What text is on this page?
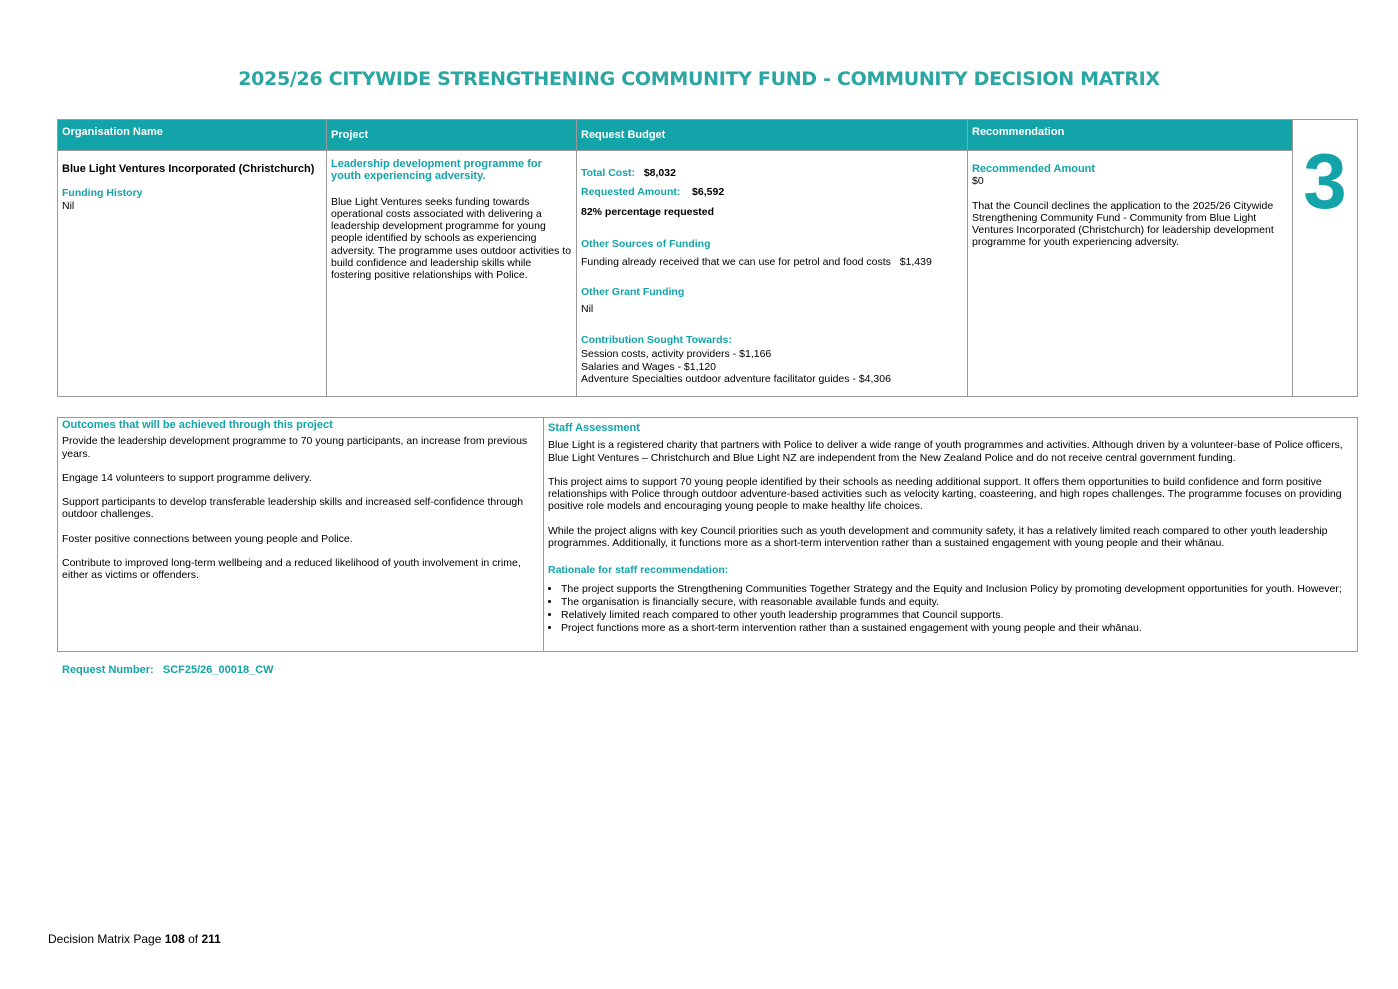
2025/26 CITYWIDE STRENGTHENING COMMUNITY FUND - COMMUNITY DECISION MATRIX
Organisation Name

Blue Light Ventures Incorporated (Christchurch)

Funding History

Nil

Project

Leadership development programme for youth experiencing adversity.

Blue Light Ventures seeks funding towards operational costs associated with delivering a leadership development programme for young people identified by schools as experiencing adversity. The programme uses outdoor activities to build confidence and leadership skills while fostering positive relationships with Police.

Request Budget

Total Cost: $8,032

Requested Amount: $6,592

82% percentage requested

Other Sources of Funding

Funding already received that we can use for petrol and food costs $1,439

Other Grant Funding

Nil

Contribution Sought Towards:

Session costs, activity providers - $1,166

Salaries and Wages - $1,120

Adventure Specialties outdoor adventure facilitator guides - $4,306

Recommendation

Recommended Amount

$0

That the Council declines the application to the 2025/26 Citywide Strengthening Community Fund - Community from Blue Light Ventures Incorporated (Christchurch) for leadership development programme for youth experiencing adversity.

3

Outcomes that will be achieved through this project

Provide the leadership development programme to 70 young participants, an increase from previous years.

Engage 14 volunteers to support programme delivery.

Support participants to develop transferable leadership skills and increased self-confidence through outdoor challenges.

Foster positive connections between young people and Police.

Contribute to improved long-term wellbeing and a reduced likelihood of youth involvement in crime, either as victims or offenders.

Staff Assessment

Blue Light is a registered charity that partners with Police to deliver a wide range of youth programmes and activities. Although driven by a volunteer-base of Police officers, Blue Light Ventures – Christchurch and Blue Light NZ are independent from the New Zealand Police and do not receive central government funding.

This project aims to support 70 young people identified by their schools as needing additional support. It offers them opportunities to build confidence and form positive relationships with Police through outdoor adventure-based activities such as velocity karting, coasteering, and high ropes challenges. The programme focuses on providing positive role models and encouraging young people to make healthy life choices.

While the project aligns with key Council priorities such as youth development and community safety, it has a relatively limited reach compared to other youth leadership programmes. Additionally, it functions more as a short-term intervention rather than a sustained engagement with young people and their whānau.

Rationale for staff recommendation:

• The project supports the Strengthening Communities Together Strategy and the Equity and Inclusion Policy by promoting development opportunities for youth. However;
• The organisation is financially secure, with reasonable available funds and equity.
• Relatively limited reach compared to other youth leadership programmes that Council supports.
• Project functions more as a short-term intervention rather than a sustained engagement with young people and their whānau.
Request Number: SCF25/26_00018_CW
Decision Matrix Page 108 of 211
